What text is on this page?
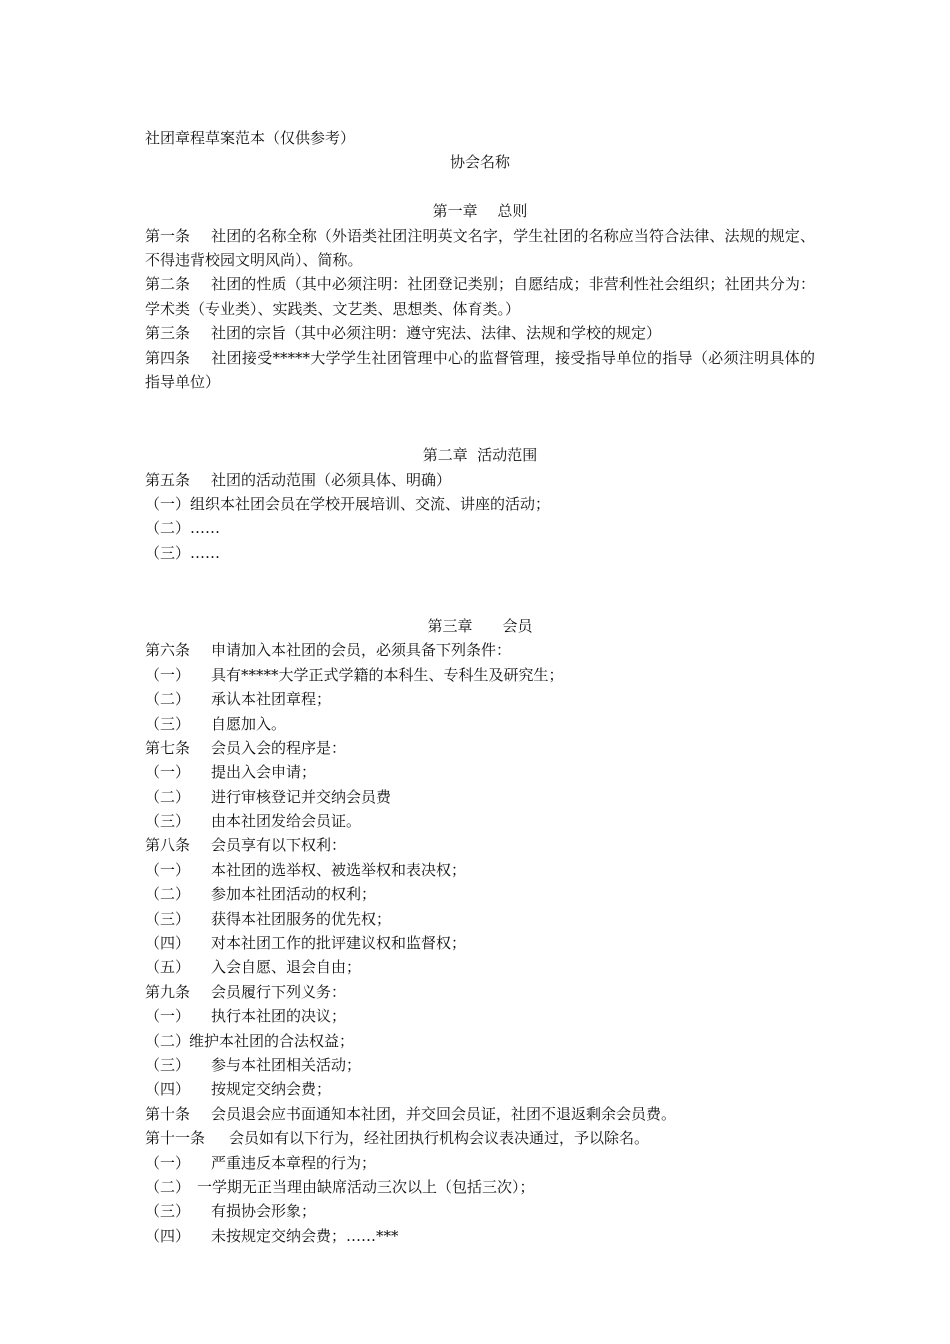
社团章程草案范本（仅供参考）
协会名称
第一章　 总则
第一条 社团的名称全称（外语类社团注明英文名字，学生社团的名称应当符合法律、法规的规定、不得违背校园文明风尚）、简称。
第二条 社团的性质（其中必须注明：社团登记类别；自愿结成；非营利性社会组织；社团共分为：学术类（专业类）、实践类、文艺类、思想类、体育类。）
第三条 社团的宗旨（其中必须注明：遵守宪法、法律、法规和学校的规定）
第四条 社团接受*****大学学生社团管理中心的监督管理，接受指导单位的指导（必须注明具体的指导单位）
第二章  活动范围
第五条 社团的活动范围（必须具体、明确）
（一）组织本社团会员在学校开展培训、交流、讲座的活动；
（二）……
（三）……
第三章　　会员
第六条 申请加入本社团的会员，必须具备下列条件：
（一） 具有*****大学正式学籍的本科生、专科生及研究生；
（二） 承认本社团章程；
（三） 自愿加入。
第七条 会员入会的程序是：
（一） 提出入会申请；
（二） 进行审核登记并交纳会员费
（三） 由本社团发给会员证。
第八条 会员享有以下权利：
（一） 本社团的选举权、被选举权和表决权；
（二） 参加本社团活动的权利；
（三） 获得本社团服务的优先权；
（四） 对本社团工作的批评建议权和监督权；
（五） 入会自愿、退会自由；
第九条 会员履行下列义务：
（一） 执行本社团的决议；
（二）维护本社团的合法权益；
（三） 参与本社团相关活动；
（四） 按规定交纳会费；
第十条 会员退会应书面通知本社团，并交回会员证，社团不退返剩余会员费。
第十一条 会员如有以下行为，经社团执行机构会议表决通过，予以除名。
（一） 严重违反本章程的行为；
（二） 一学期无正当理由缺席活动三次以上（包括三次）；
（三） 有损协会形象；
（四） 未按规定交纳会费；……***
